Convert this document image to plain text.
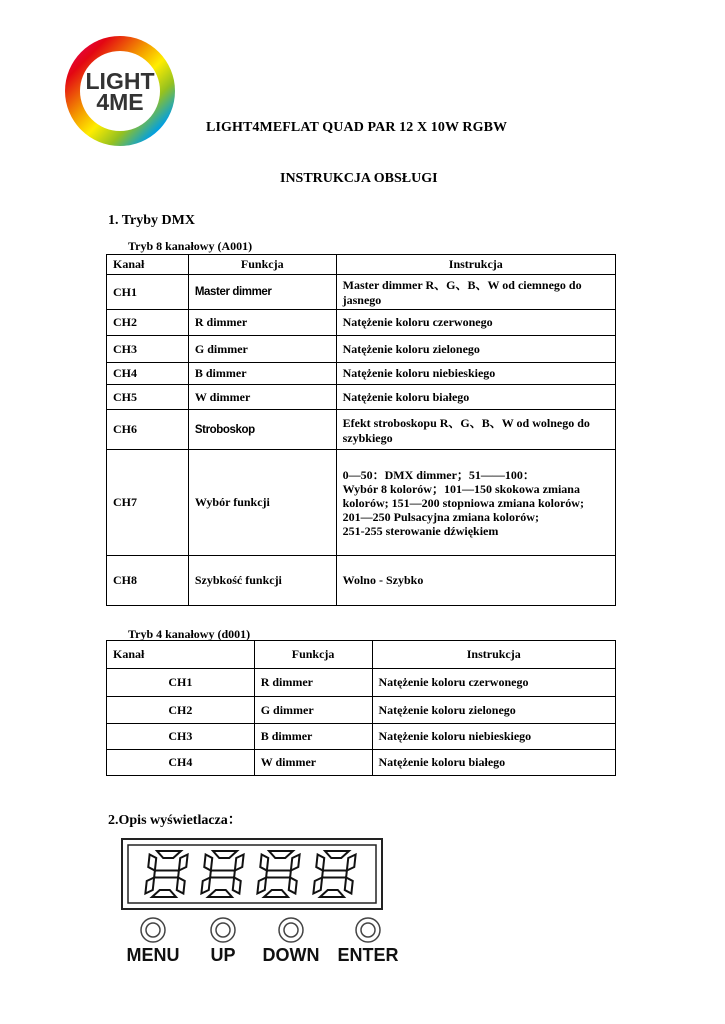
LIGHT
4ME
LIGHT4MEFLAT QUAD PAR 12 X 10W RGBW
INSTRUKCJA OBSŁUGI
1. Tryby DMX
Tryb 8 kanałowy (A001)
Kanał	Funkcja	Instrukcja
CH1	Master dimmer	Master dimmer R、G、B、W od ciemnego do jasnego
CH2	R dimmer	Natężenie koloru czerwonego
CH3	G dimmer	Natężenie koloru zielonego
CH4	B dimmer	Natężenie koloru niebieskiego
CH5	W dimmer	Natężenie koloru białego
CH6	Stroboskop	Efekt stroboskopu R、G、B、W od wolnego do szybkiego
CH7	Wybór funkcji	0—50：DMX dimmer；51——100：
Wybór 8 kolorów；101—150 skokowa zmiana
kolorów; 151—200 stopniowa zmiana kolorów;
201—250 Pulsacyjna zmiana kolorów;
251-255 sterowanie dźwiękiem

CH8	Szybkość funkcji	Wolno - Szybko
Tryb 4 kanałowy (d001)
Kanał	Funkcja	Instrukcja
CH1	R dimmer	Natężenie koloru czerwonego
CH2	G dimmer	Natężenie koloru zielonego
CH3	B dimmer	Natężenie koloru niebieskiego
CH4	W dimmer	Natężenie koloru białego
2.Opis wyświetlacza：
MENU UP DOWN ENTER
